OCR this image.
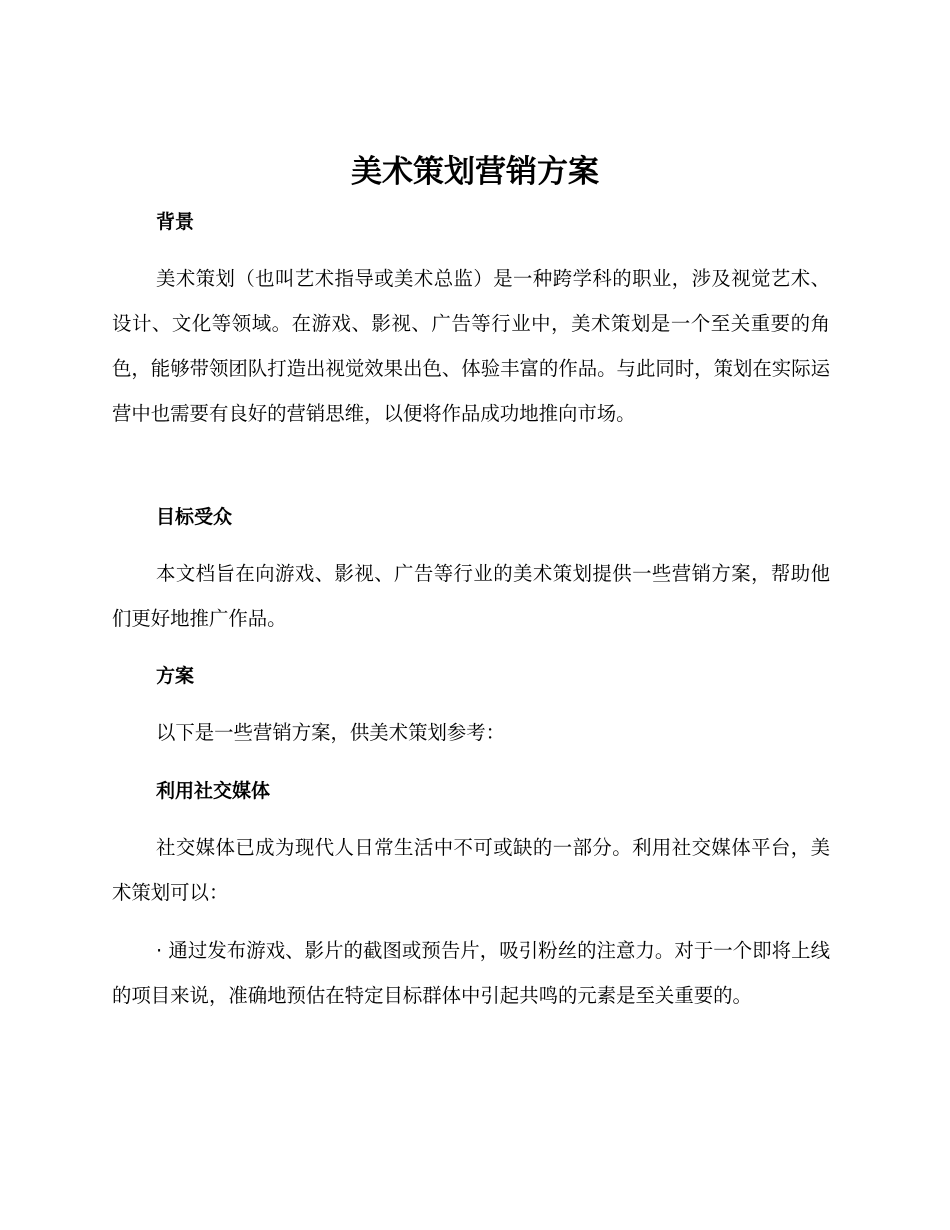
美术策划营销方案
背景

美术策划（也叫艺术指导或美术总监）是一种跨学科的职业，涉及视觉艺术、设计、文化等领域。在游戏、影视、广告等行业中，美术策划是一个至关重要的角色，能够带领团队打造出视觉效果出色、体验丰富的作品。与此同时，策划在实际运营中也需要有良好的营销思维，以便将作品成功地推向市场。

目标受众

本文档旨在向游戏、影视、广告等行业的美术策划提供一些营销方案，帮助他们更好地推广作品。

方案

以下是一些营销方案，供美术策划参考：

利用社交媒体

社交媒体已成为现代人日常生活中不可或缺的一部分。利用社交媒体平台，美术策划可以：

· 通过发布游戏、影片的截图或预告片，吸引粉丝的注意力。对于一个即将上线的项目来说，准确地预估在特定目标群体中引起共鸣的元素是至关重要的。
